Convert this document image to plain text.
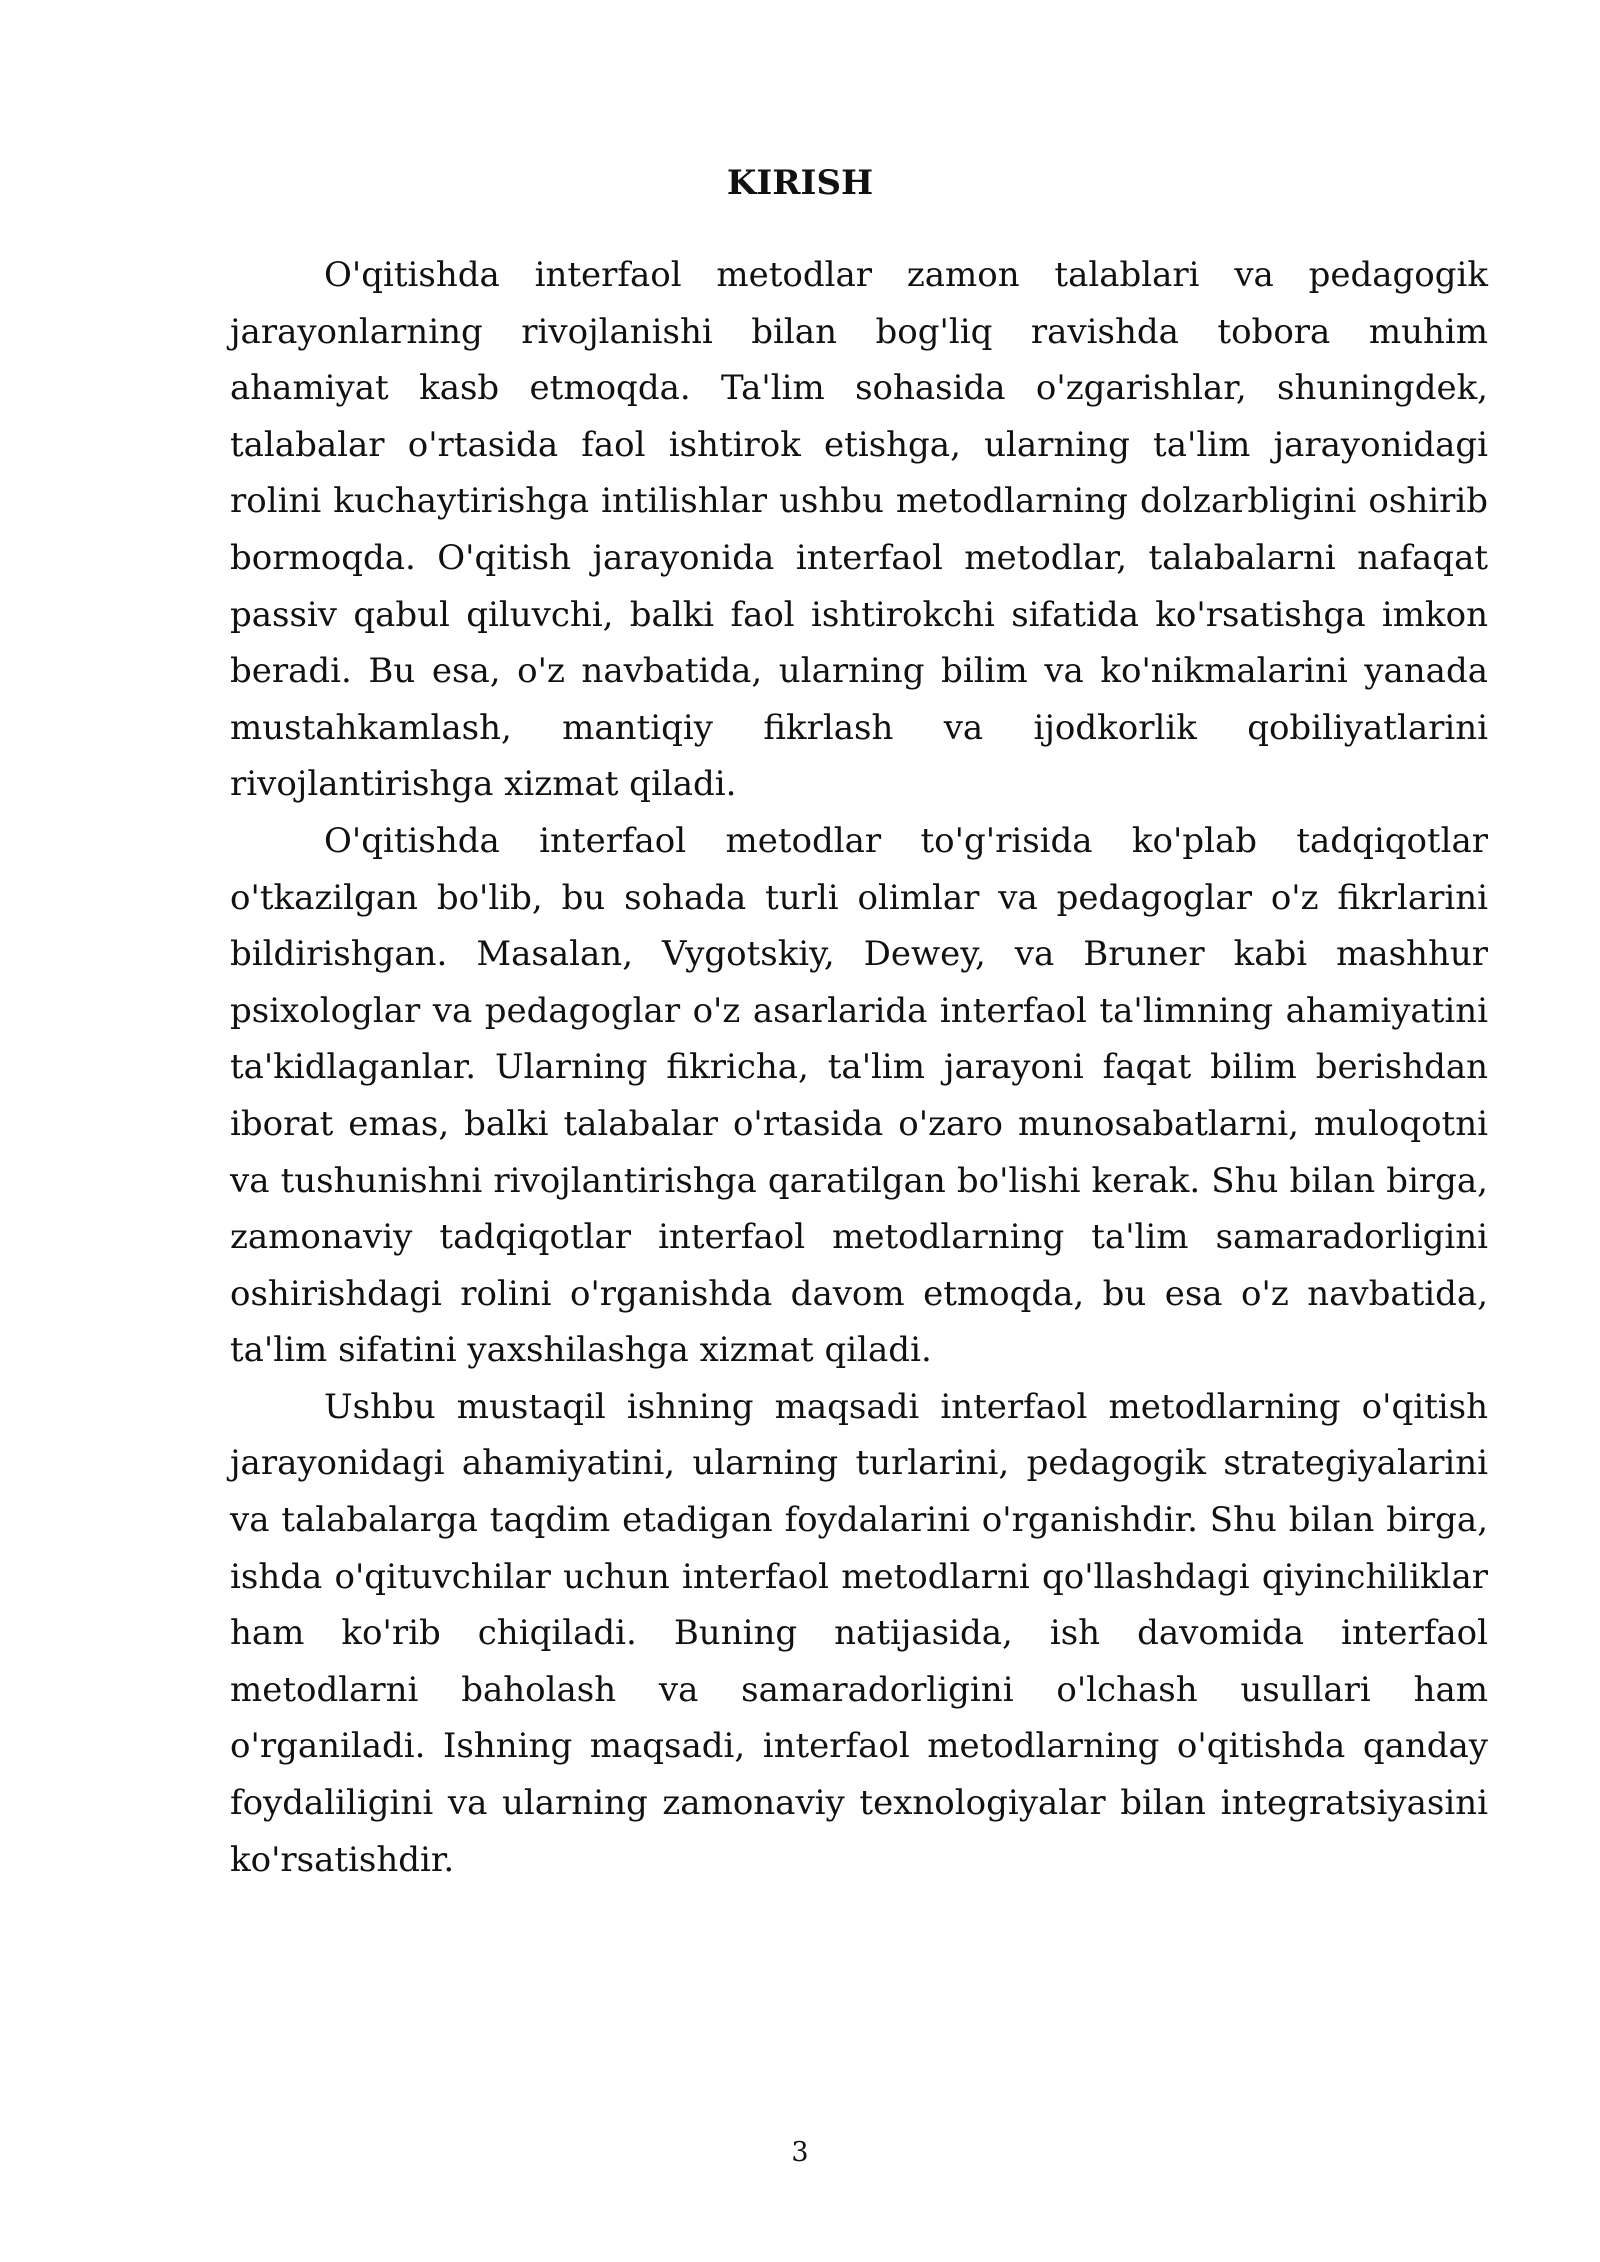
KIRISH

O'qitishda interfaol metodlar zamon talablari va pedagogik jarayonlarning rivojlanishi bilan bog'liq ravishda tobora muhim ahamiyat kasb etmoqda. Ta'lim sohasida o'zgarishlar, shuningdek, talabalar o'rtasida faol ishtirok etishga, ularning ta'lim jarayonidagi rolini kuchaytirishga intilishlar ushbu metodlarning dolzarbligini oshirib bormoqda. O'qitish jarayonida interfaol metodlar, talabalarni nafaqat passiv qabul qiluvchi, balki faol ishtirokchi sifatida ko'rsatishga imkon beradi. Bu esa, o'z navbatida, ularning bilim va ko'nikmalarini yanada mustahkamlash, mantiqiy fikrlash va ijodkorlik qobiliyatlarini rivojlantirishga xizmat qiladi.

O'qitishda interfaol metodlar to'g'risida ko'plab tadqiqotlar o'tkazilgan bo'lib, bu sohada turli olimlar va pedagoglar o'z fikrlarini bildirishgan. Masalan, Vygotskiy, Dewey, va Bruner kabi mashhur psixologlar va pedagoglar o'z asarlarida interfaol ta'limning ahamiyatini ta'kidlaganlar. Ularning fikricha, ta'lim jarayoni faqat bilim berishdan iborat emas, balki talabalar o'rtasida o'zaro munosabatlarni, muloqotni va tushunishni rivojlantirishga qaratilgan bo'lishi kerak. Shu bilan birga, zamonaviy tadqiqotlar interfaol metodlarning ta'lim samaradorligini oshirishdagi rolini o'rganishda davom etmoqda, bu esa o'z navbatida, ta'lim sifatini yaxshilashga xizmat qiladi.

Ushbu mustaqil ishning maqsadi interfaol metodlarning o'qitish jarayonidagi ahamiyatini, ularning turlarini, pedagogik strategiyalarini va talabalarga taqdim etadigan foydalarini o'rganishdir. Shu bilan birga, ishda o'qituvchilar uchun interfaol metodlarni qo'llashdagi qiyinchiliklar ham ko'rib chiqiladi. Buning natijasida, ish davomida interfaol metodlarni baholash va samaradorligini o'lchash usullari ham o'rganiladi. Ishning maqsadi, interfaol metodlarning o'qitishda qanday foydaliligini va ularning zamonaviy texnologiyalar bilan integratsiyasini ko'rsatishdir.

3
